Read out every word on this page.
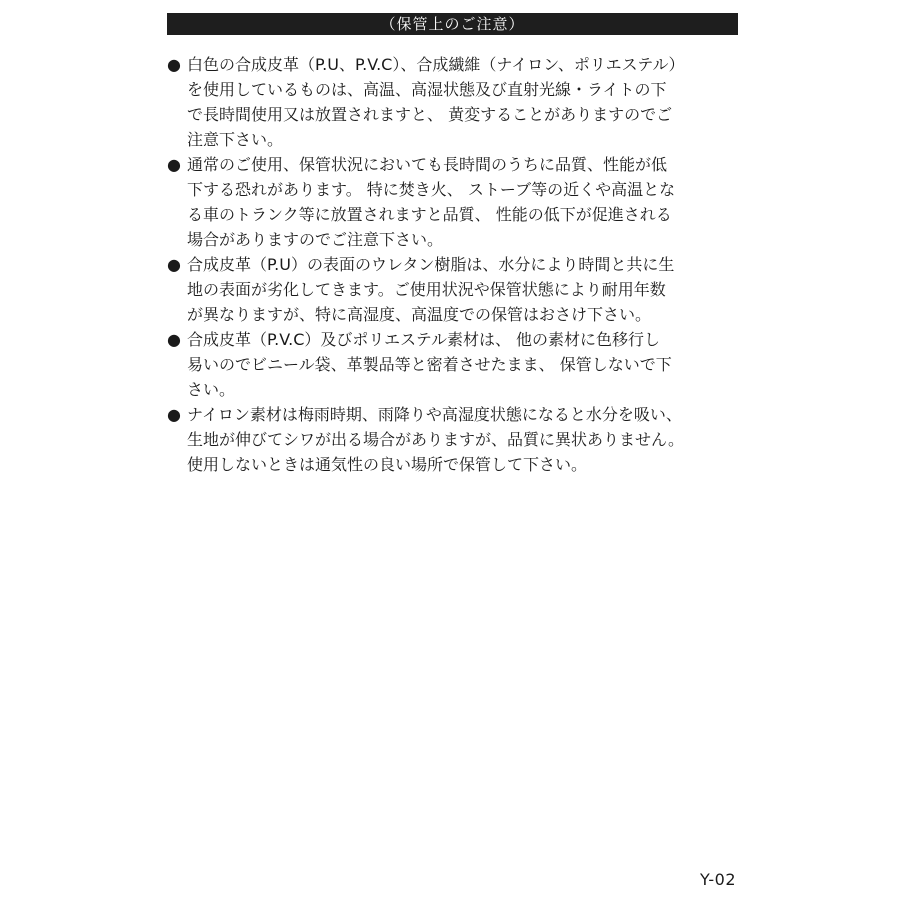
（保管上のご注意）
● 白色の合成皮革（P.U、P.V.C）、合成繊維（ナイロン、ポリエステル）
を使用しているものは、高温、高湿状態及び直射光線・ライトの下
で長時間使用又は放置されますと、 黄変することがありますのでご
注意下さい。
● 通常のご使用、保管状況においても長時間のうちに品質、性能が低
下する恐れがあります。 特に焚き火、 ストーブ等の近くや高温とな
る車のトランク等に放置されますと品質、 性能の低下が促進される
場合がありますのでご注意下さい。
● 合成皮革（P.U）の表面のウレタン樹脂は、水分により時間と共に生
地の表面が劣化してきます。ご使用状況や保管状態により耐用年数
が異なりますが、特に高湿度、高温度での保管はおさけ下さい。
● 合成皮革（P.V.C）及びポリエステル素材は、 他の素材に色移行し
易いのでビニール袋、革製品等と密着させたまま、 保管しないで下
さい。
● ナイロン素材は梅雨時期、雨降りや高湿度状態になると水分を吸い、
生地が伸びてシワが出る場合がありますが、品質に異状ありません。
使用しないときは通気性の良い場所で保管して下さい。
Y-02
